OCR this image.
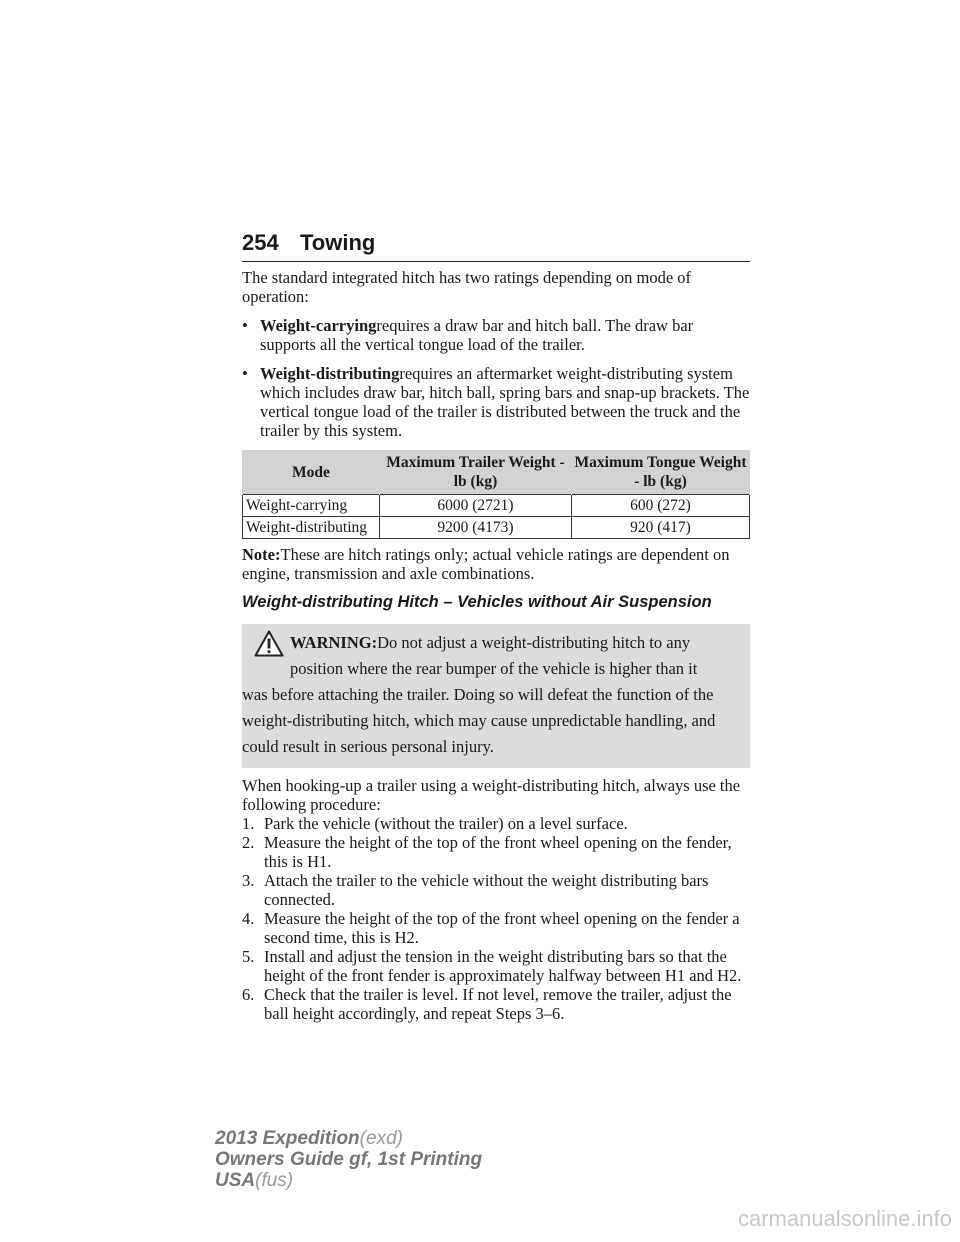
254 Towing

The standard integrated hitch has two ratings depending on mode of operation:

• Weight-carryingrequires a draw bar and hitch ball. The draw bar supports all the vertical tongue load of the trailer.
• Weight-distributingrequires an aftermarket weight-distributing system which includes draw bar, hitch ball, spring bars and snap-up brackets. The vertical tongue load of the trailer is distributed between the truck and the trailer by this system.
Mode	Maximum Trailer Weight - lb (kg)	Maximum Tongue Weight - lb (kg)
Weight-carrying	6000 (2721)	600 (272)
Weight-distributing	9200 (4173)	920 (417)

Note:These are hitch ratings only; actual vehicle ratings are dependent on engine, transmission and axle combinations.

Weight-distributing Hitch – Vehicles without Air Suspension
WARNING:Do not adjust a weight-distributing hitch to any position where the rear bumper of the vehicle is higher than it
was before attaching the trailer. Doing so will defeat the function of the weight-distributing hitch, which may cause unpredictable handling, and could result in serious personal injury.

When hooking-up a trailer using a weight-distributing hitch, always use the following procedure:

1. Park the vehicle (without the trailer) on a level surface.
2. Measure the height of the top of the front wheel opening on the fender, this is H1.
3. Attach the trailer to the vehicle without the weight distributing bars connected.
4. Measure the height of the top of the front wheel opening on the fender a second time, this is H2.
5. Install and adjust the tension in the weight distributing bars so that the height of the front fender is approximately halfway between H1 and H2.
6. Check that the trailer is level. If not level, remove the trailer, adjust the ball height accordingly, and repeat Steps 3–6.
2013 Expedition(exd)
Owners Guide gf, 1st Printing
USA(fus)
carmanualsonline.info
